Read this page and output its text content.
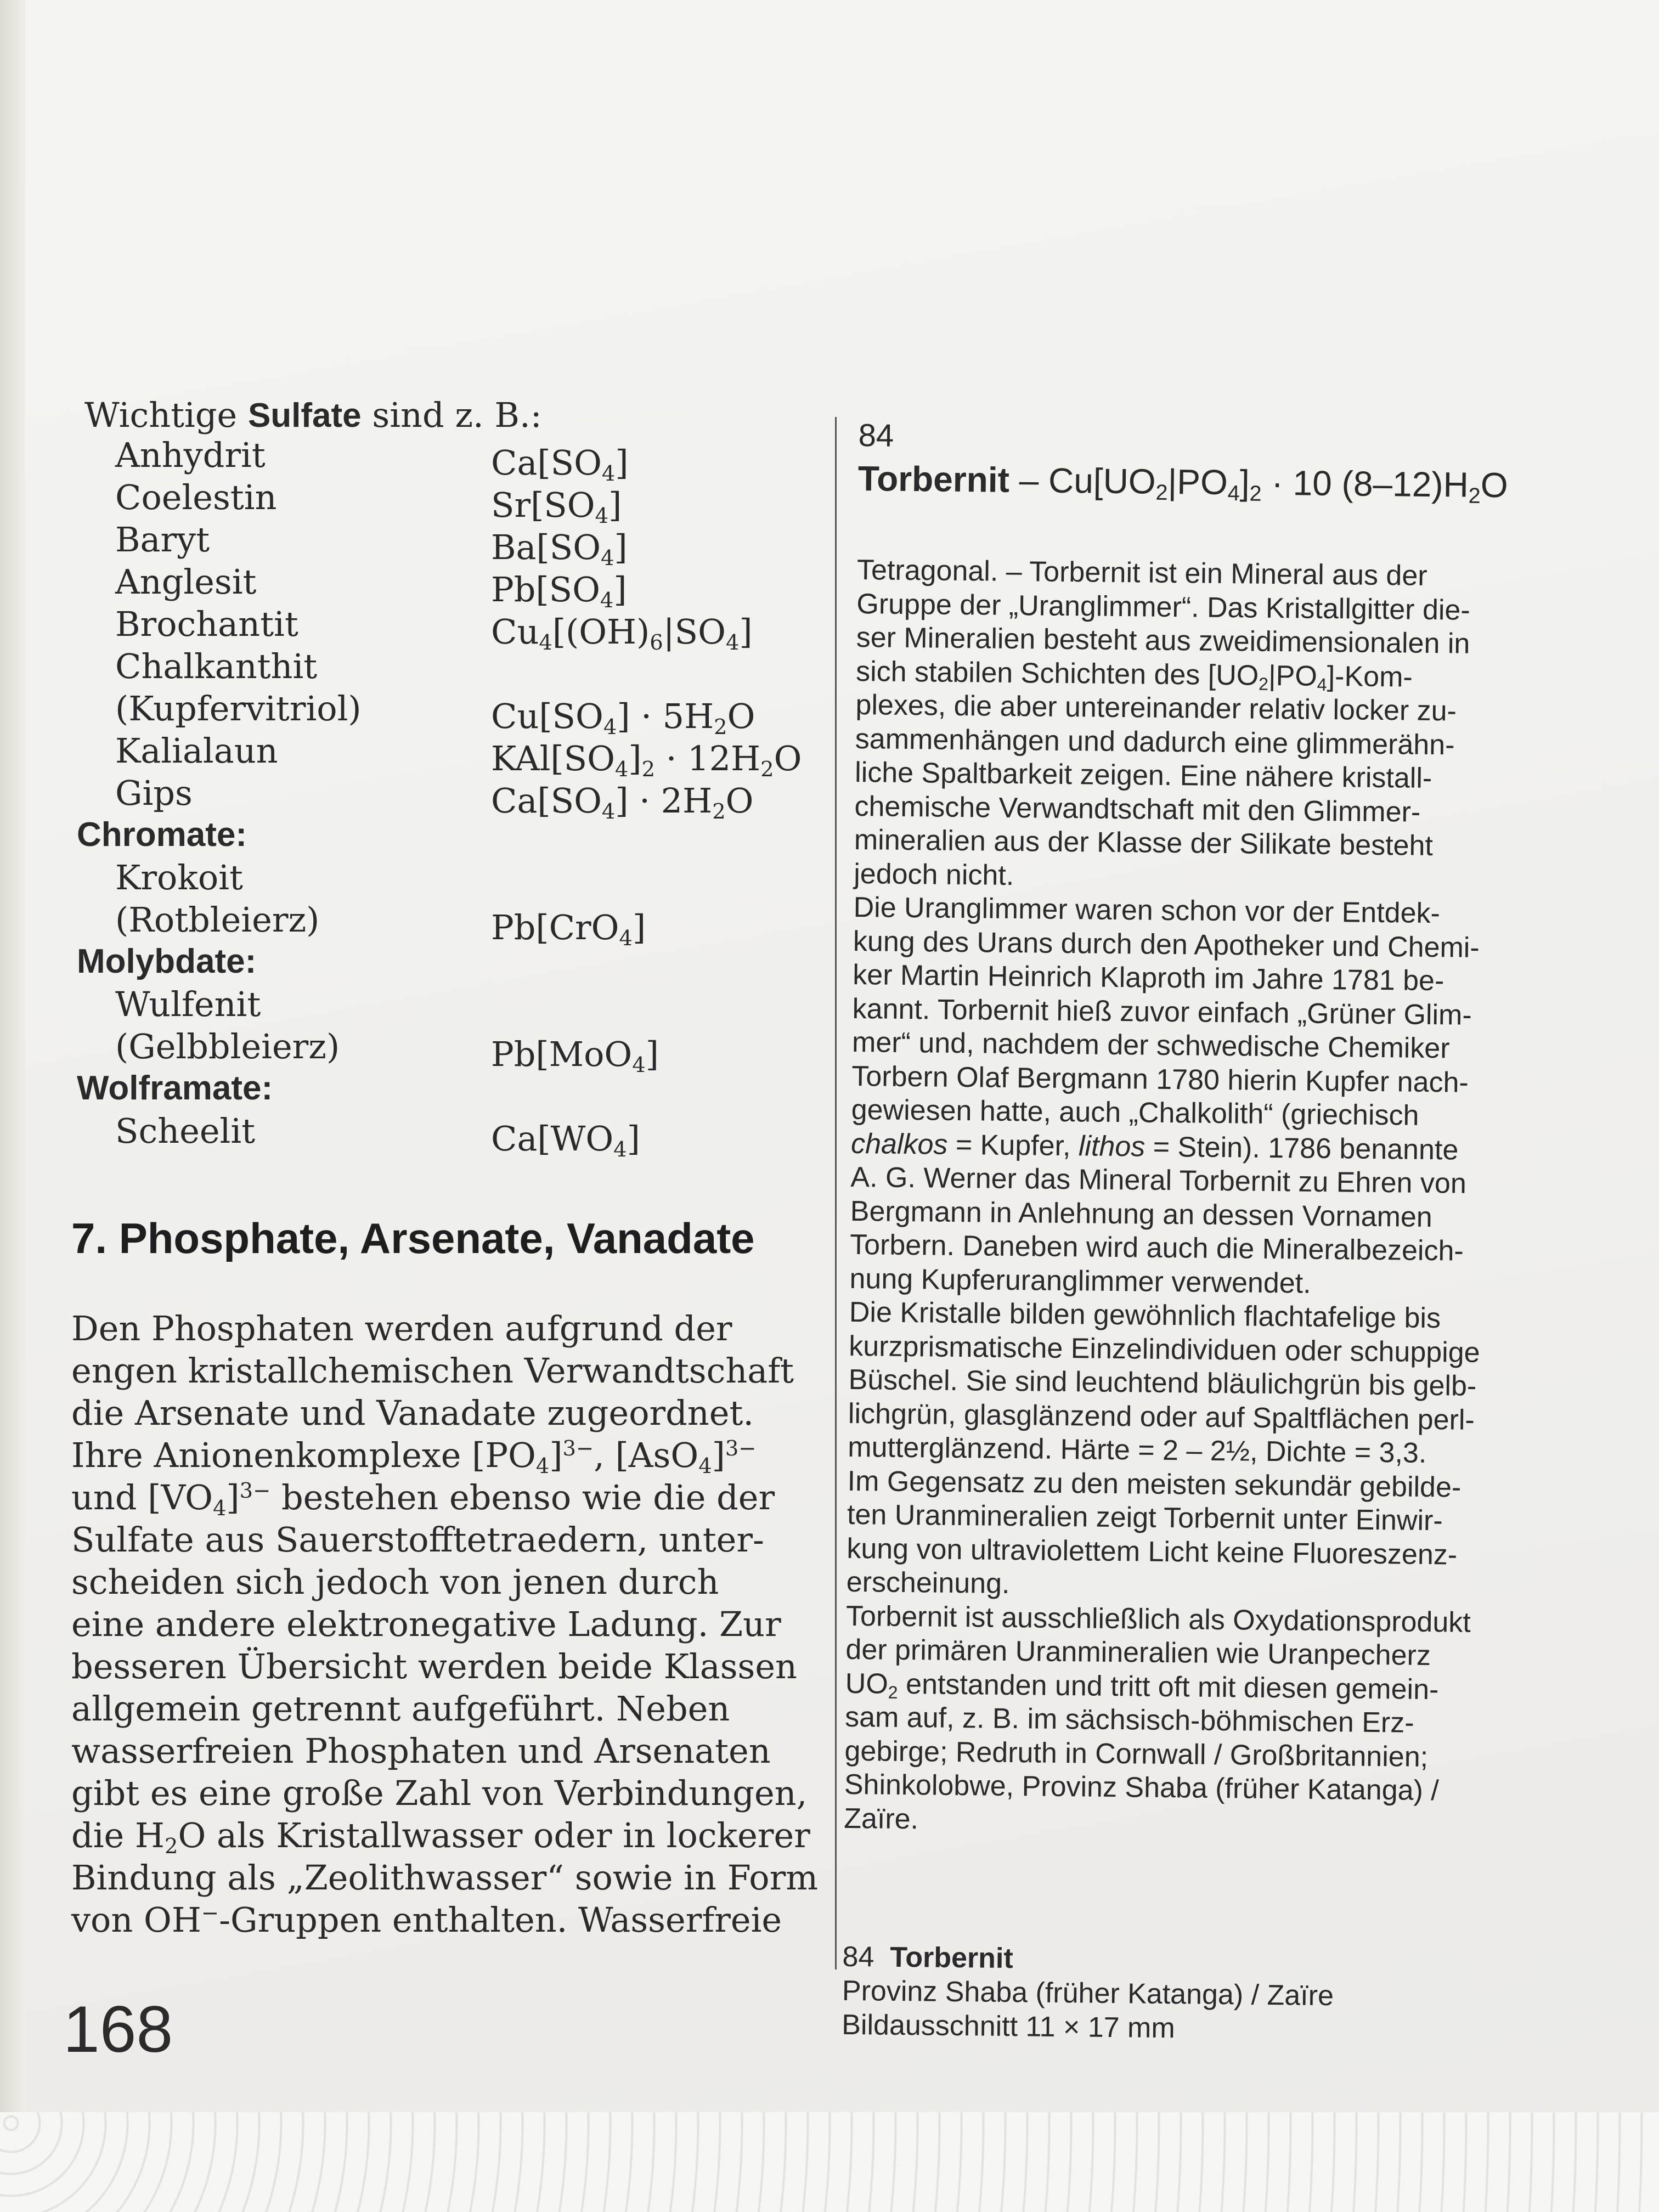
Wichtige Sulfate sind z. B.:
Anhydrit	$Ca[SO_4]$
Coelestin	$Sr[SO_4]$
Baryt	$Ba[SO_4]$
Anglesit	$Pb[SO_4]$
Brochantit	$Cu_4[(OH)_6|SO_4]$
Chalkanthit
(Kupfervitriol)	$Cu[SO_4] \cdot 5H_2O$
Kalialaun	$KAl[SO_4]_2 \cdot 12H_2O$
Gips	$Ca[SO_4] \cdot 2H_2O$
Chromate:
Krokoit
(Rotbleierz)	Pb[CrO$_4$]
Molybdate:
Wulfenit
(Gelbbleierz)	Pb[MoO$_4$]
Wolframate:
Scheelit	$Ca[WO_4]$
7. Phosphate, Arsenate, Vanadate
Den Phosphaten werden aufgrund der
engen kristallchemischen Verwandtschaft
die Arsenate und Vanadate zugeordnet.
Ihre Anionenkomplexe $[PO_4]^{3-}$, $[AsO_4]^{3-}$
und $[VO_4]^{3-}$ bestehen ebenso wie die der
Sulfate aus Sauerstofftetraedern, unter-
scheiden sich jedoch von jenen durch
eine andere elektronegative Ladung. Zur
besseren Übersicht werden beide Klassen
allgemein getrennt aufgeführt. Neben
wasserfreien Phosphaten und Arsenaten
gibt es eine große Zahl von Verbindungen,
die $H_2O$ als Kristallwasser oder in lockerer
Bindung als „Zeolithwasser“ sowie in Form
von OH−-Gruppen enthalten. Wasserfreie
168
84
Torbernit – $Cu[UO_2|PO_4]_2 \cdot 10$ $(8-12)H_2O$
Tetragonal. – Torbernit ist ein Mineral aus der
Gruppe der „Uranglimmer“. Das Kristallgitter die-
ser Mineralien besteht aus zweidimensionalen in
sich stabilen Schichten des $[UO_2|PO_4]-Kom-$
plexes, die aber untereinander relativ locker zu-
sammenhängen und dadurch eine glimmerähn-
liche Spaltbarkeit zeigen. Eine nähere kristall-
chemische Verwandtschaft mit den Glimmer-
mineralien aus der Klasse der Silikate besteht
jedoch nicht.
Die Uranglimmer waren schon vor der Entdek-
kung des Urans durch den Apotheker und Chemi-
ker Martin Heinrich Klaproth im Jahre 1781 be-
kannt. Torbernit hieß zuvor einfach „Grüner Glim-
mer“ und, nachdem der schwedische Chemiker
Torbern Olaf Bergmann 1780 hierin Kupfer nach-
gewiesen hatte, auch „Chalkolith“ (griechisch
chalkos = Kupfer, lithos = Stein). 1786 benannte
A. G. Werner das Mineral Torbernit zu Ehren von
Bergmann in Anlehnung an dessen Vornamen
Torbern. Daneben wird auch die Mineralbezeich-
nung Kupferuranglimmer verwendet.
Die Kristalle bilden gewöhnlich flachtafelige bis
kurzprismatische Einzelindividuen oder schuppige
Büschel. Sie sind leuchtend bläulichgrün bis gelb-
lichgrün, glasglänzend oder auf Spaltflächen perl-
mutterglänzend. Härte = 2 – 2½, Dichte = 3,3.
Im Gegensatz zu den meisten sekundär gebilde-
ten Uranmineralien zeigt Torbernit unter Einwir-
kung von ultraviolettem Licht keine Fluoreszenz-
erscheinung.
Torbernit ist ausschließlich als Oxydationsprodukt
der primären Uranmineralien wie Uranpecherz
$UO_2$ entstanden und tritt oft mit diesen gemein-
sam auf, z. B. im sächsisch-böhmischen Erz-
gebirge; Redruth in Cornwall / Großbritannien;
Shinkolobwe, Provinz Shaba (früher Katanga) /
Zaïre.
84 Torbernit
Provinz Shaba (früher Katanga) / Zaïre
Bildausschnitt 11 × 17 mm
